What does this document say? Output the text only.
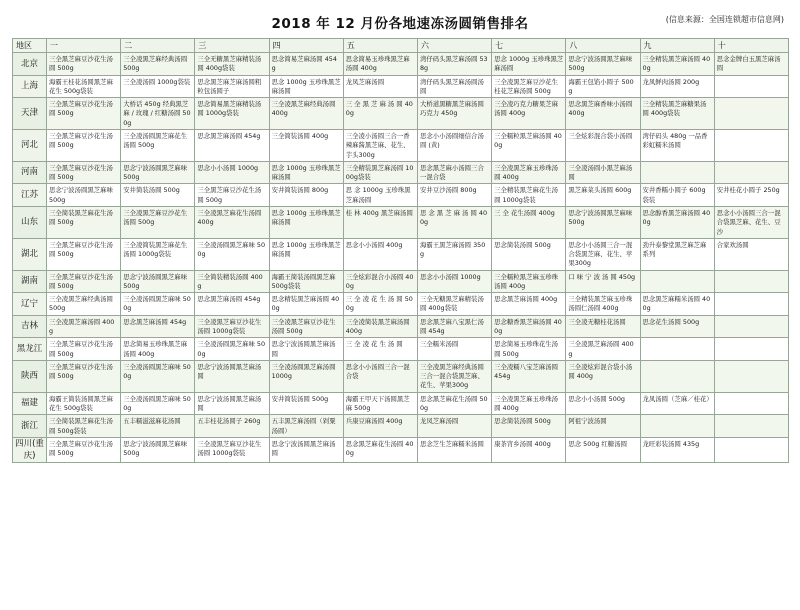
2018 年 12 月份各地速冻汤圆销售排名	(信息来源：全国连锁超市信息网)
地区	一	二	三	四	五	六	七	八	九	十
北京	三全黑芝麻豆沙花生汤圆 500g	三全凌黑芝麻经典汤圆 500g	三全无糖黑芝麻精装汤圆 400g袋装	思念简易芝麻汤圆 454g	思念简易玉珍珠黑芝麻汤圆 400g	湾仔码头黑芝麻汤圆 538g	思念 1000g 玉珍珠黑芝麻汤圆	思念宁波汤圆黑芝麻味 500g	三全精装黑芝麻汤圆 400g	思念金牌白玉黑芝麻汤圆
上海	海霸王桂花汤圆黑芝麻花生 500g袋装	三全凌汤圆 1000g袋装	思念黑芝麻芝麻汤圆粗粒包汤圆子	思念 1000g 玉珍珠黑芝麻汤圆	龙凤芝麻汤圆	湾仔码头黑芝麻汤圆汤圆	三全凌黑芝麻豆沙花生桂花芝麻汤圆 500g	海霸王包馅小圆子 500g	龙凤鲜肉汤圆 200g	
天津	三全黑芝麻豆沙花生汤圆 500g	大桥话 450g 经典黑芝麻 / 玫瑰 / 红糖汤圆 500g	思念简易黑芝麻精装汤圆 1000g袋装	三全凌黑芝麻经典汤圆 400g	三 全 黑 芝 麻 汤 圆 400g	大桥道黑糖黑芝麻汤圆巧克力 450g	三全凌巧克力糖果芝麻汤圆 400g	思念黑芝麻香味小汤圆 400g	三全精装黑芝麻糖果汤圆 400g袋装	
河北	三全黑芝麻豆沙花生汤圆 500g	三全凌汤圆黑芝麻花生汤圆 500g	思念黑芝麻汤圆 454g	三全简装汤圆 400g	三全凌小汤圆三合一香辣麻酱黑芝麻、花生、芋头300g	思念小小汤圆细信合汤圆 (黄)	三全糯粒黑芝麻汤圆 400g	三全炫彩混合袋小汤圆	湾仔码头 480g 一品香彩虹糯米汤圆	
河南	三全黑芝麻豆沙花生汤圆 500g	思念宁波汤圆黑芝麻味 500g	思念小小汤圆 1000g	思念 1000g 玉珍珠黑芝麻汤圆	三全精装黑芝麻汤圆 1000g袋装	思念黑芝麻小汤圆三合一混合袋	三全凌黑芝麻玉珍珠汤圆 400g	三全凌汤圆小黑芝麻汤圆		
江苏	思念宁波汤圆黑芝麻味 500g	安井简装汤圆 500g	三全黑芝麻豆沙花生汤圆 500g	安井简装汤圆 800g	思 念 1000g 玉珍珠黑芝麻汤圆	安井豆沙汤圆 800g	三全精装黑芝麻花生汤圆 1000g袋装	黑芝麻菜头汤圆 600g	安井香糯小圆子 600g袋装	安井桂花小圆子 250g
山东	三全简装黑芝麻花生汤圆 500g	三全凌黑芝麻豆沙花生汤圆 500g	三全凌黑芝麻花生汤圆 400g	思念 1000g 玉珍珠黑芝麻汤圆	桂 林 400g 黑芝麻汤圆	思 念 黑 芝 麻 汤 圆 400g	三 全 花生汤圆 400g	思念宁波汤圆黑芝麻味 500g	思念醇香黑芝麻汤圆 400g	思念小小汤圆三合一混合袋黑芝麻、花生、豆沙
湖北	三全黑芝麻豆沙花生汤圆 500g	三全凌简装黑芝麻花生汤圆 1000g袋装	三全凌汤圆黑芝麻味 500g	思念 1000g 玉珍珠黑芝麻汤圆	思念小小汤圆 400g	海霸王黑芝麻汤圆 350g	思念简装汤圆 500g	思念小小汤圆三合一混合袋黑芝麻、花生、苹果300g	劲升泰黎堂黑芝麻芝麻系列	合家欢汤圆
湖南	三全黑芝麻豆沙花生汤圆 500g	思念宁波汤圆黑芝麻味 500g	三全简装精装汤圆 400g	海霸王简装汤圆黑芝麻 500g袋装	三全炫彩混合小汤圆 400g	思念小小汤圆 1000g	三全糯粒黑芝麻玉珍珠汤圆 400g	口 味 宁 波 汤 圆 450g		
辽宁	三全凌黑芝麻经典汤圆 500g	三全凌汤圆黑芝麻味 500g	思念黑芝麻汤圆 454g	思念精装黑芝麻汤圆 400g	三 全 凌 花 生 汤 圆 500g	三全无糖黑芝麻精装汤圆 400g袋装	思念黑芝麻汤圆 400g	三全精装黑芝麻玉珍珠汤圆仁汤圆 400g	思念黑芝麻糯米汤圆 400g	
吉林	三全凌黑芝麻汤圆 400g	思念黑芝麻汤圆 454g	三全凌黑芝麻豆沙花生汤圆 1000g袋装	三全凌黑芝麻豆沙花生汤圆 500g	三全凌简装黑芝麻汤圆 400g	思念黑芝麻八宝黑仁汤圆 454g	思念糖香黑芝麻汤圆 400g	三全凌无糖桂花汤圆	思念花生汤圆 500g	
黑龙江	三全黑芝麻豆沙花生汤圆 500g	思念简易玉珍珠黑芝麻汤圆 400g	三全凌汤圆黑芝麻味 500g	思念宁波汤圆黑芝麻汤圆	三 全 凌 花 生 汤 圆	三全糯米汤圆	思念简易玉珍珠花生汤圆 500g	三全凌黑芝麻汤圆 400g		
陕西	三全黑芝麻豆沙花生汤圆 500g	三全凌汤圆黑芝麻味 500g	思念宁波汤圆黑芝麻汤圆	三全凌汤圆黑芝麻汤圆 1000g	思念小小汤圆三合一混合袋	三全凌黑芝麻经典汤圆三合一混合袋黑芝麻、花生、苹果300g	三全凌糯八宝芝麻汤圆 454g	三全凌炫彩混合袋小汤圆 400g		
福建	海霸王简装汤圆黑芝麻花生 500g袋装	三全凌汤圆黑芝麻味 500g	思念宁波汤圆黑芝麻汤圆	安井简装汤圆 500g	海霸王甲天下汤圆黑芝麻 500g	思念黑芝麻花生汤圆 500g	三全凌黑芝麻玉珍珠汤圆 400g	思念小小汤圆 500g	龙凤汤圆（芝麻／桂花）	
浙江	三全简装黑芝麻花生汤圆 500g袋装	五丰糯滋滋麻花汤圆	五丰桂花汤圆子 260g	五丰黑芝麻汤圆（剁粟汤圆）	兵康豆麻汤圆 400g	龙凤芝麻汤圆	思念简装汤圆 500g	阿祖宁波汤圆		
四川(重庆)	三全黑芝麻豆沙花生汤圆 500g	思念宁波汤圆黑芝麻味 500g	三全凌黑芝麻豆沙花生汤圆 1000g袋装	思念宁波汤圆黑芝麻汤圆	思念黑芝麻花生汤圆 400g	思念芝生芝麻糯米汤圆	康茶宵乡汤圆 400g	思念 500g 红糖汤圆	龙旺彩装汤圆 435g	
